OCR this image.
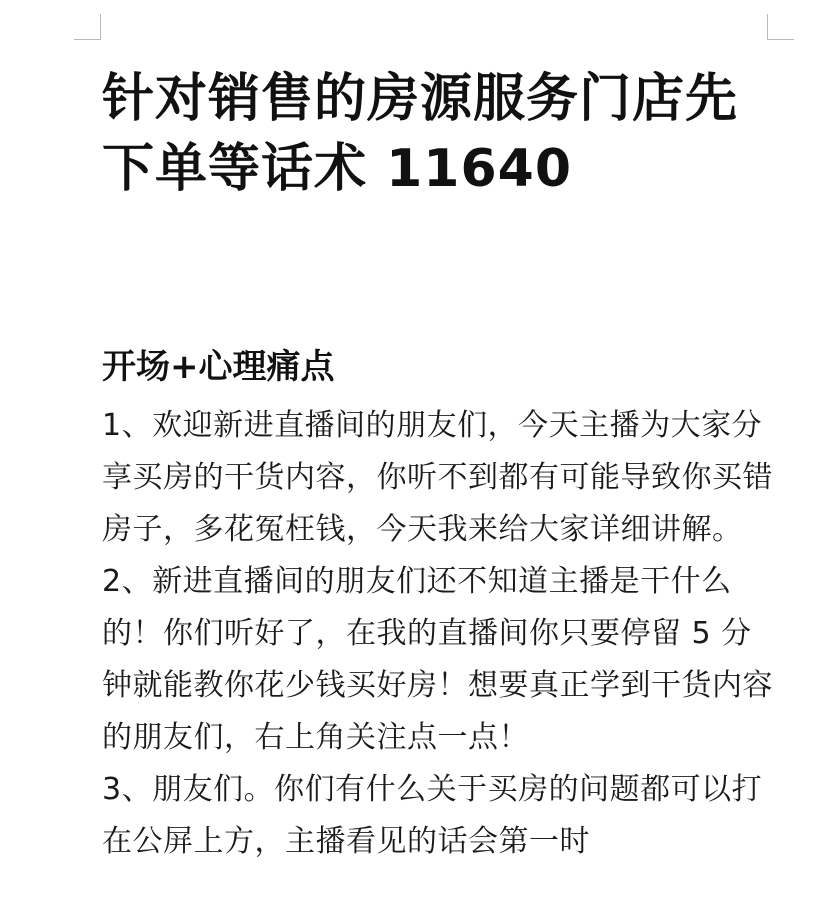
针对销售的房源服务门店先下单等话术 11640
开场+心理痛点

1、欢迎新进直播间的朋友们，今天主播为大家分享买房的干货内容，你听不到都有可能导致你买错房子，多花冤枉钱，今天我来给大家详细讲解。

2、新进直播间的朋友们还不知道主播是干什么的！你们听好了，在我的直播间你只要停留 5 分钟就能教你花少钱买好房！想要真正学到干货内容的朋友们，右上角关注点一点！

3、朋友们。你们有什么关于买房的问题都可以打在公屏上方，主播看见的话会第一时
